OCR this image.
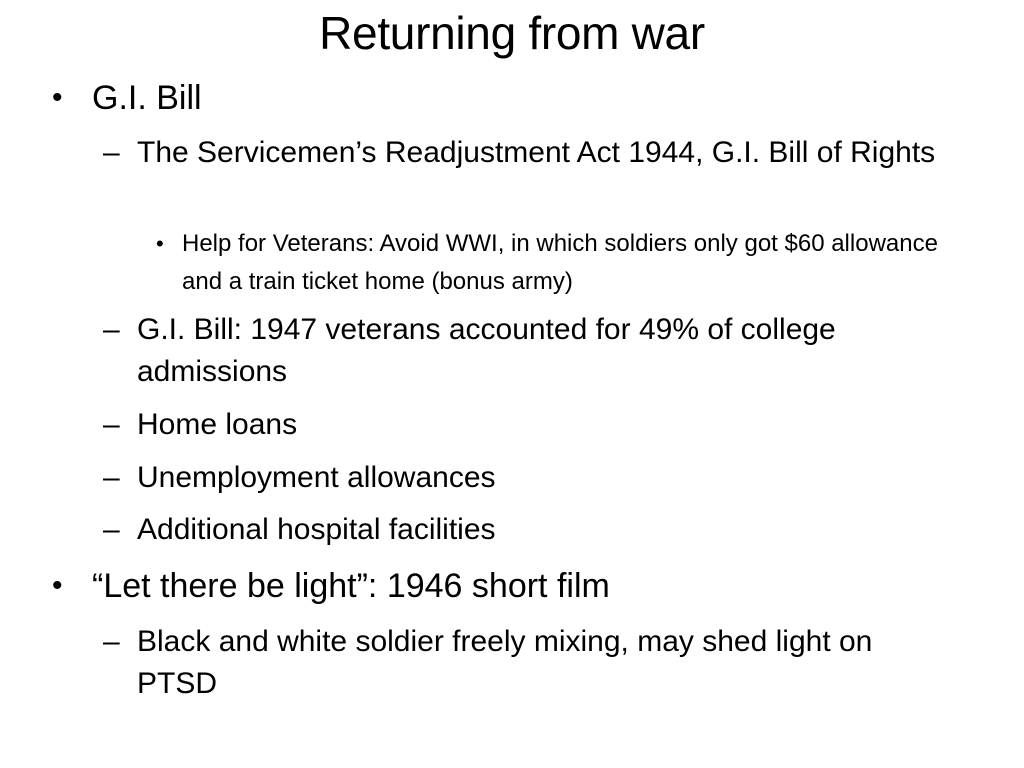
Returning from war
• G.I. Bill
– The Servicemen’s Readjustment Act 1944, G.I. Bill of Rights
• Help for Veterans: Avoid WWI, in which soldiers only got $60 allowance and a train ticket home (bonus army)
– G.I. Bill: 1947 veterans accounted for 49% of college admissions
– Home loans
– Unemployment allowances
– Additional hospital facilities
• “Let there be light”: 1946 short film
– Black and white soldier freely mixing, may shed light on PTSD
